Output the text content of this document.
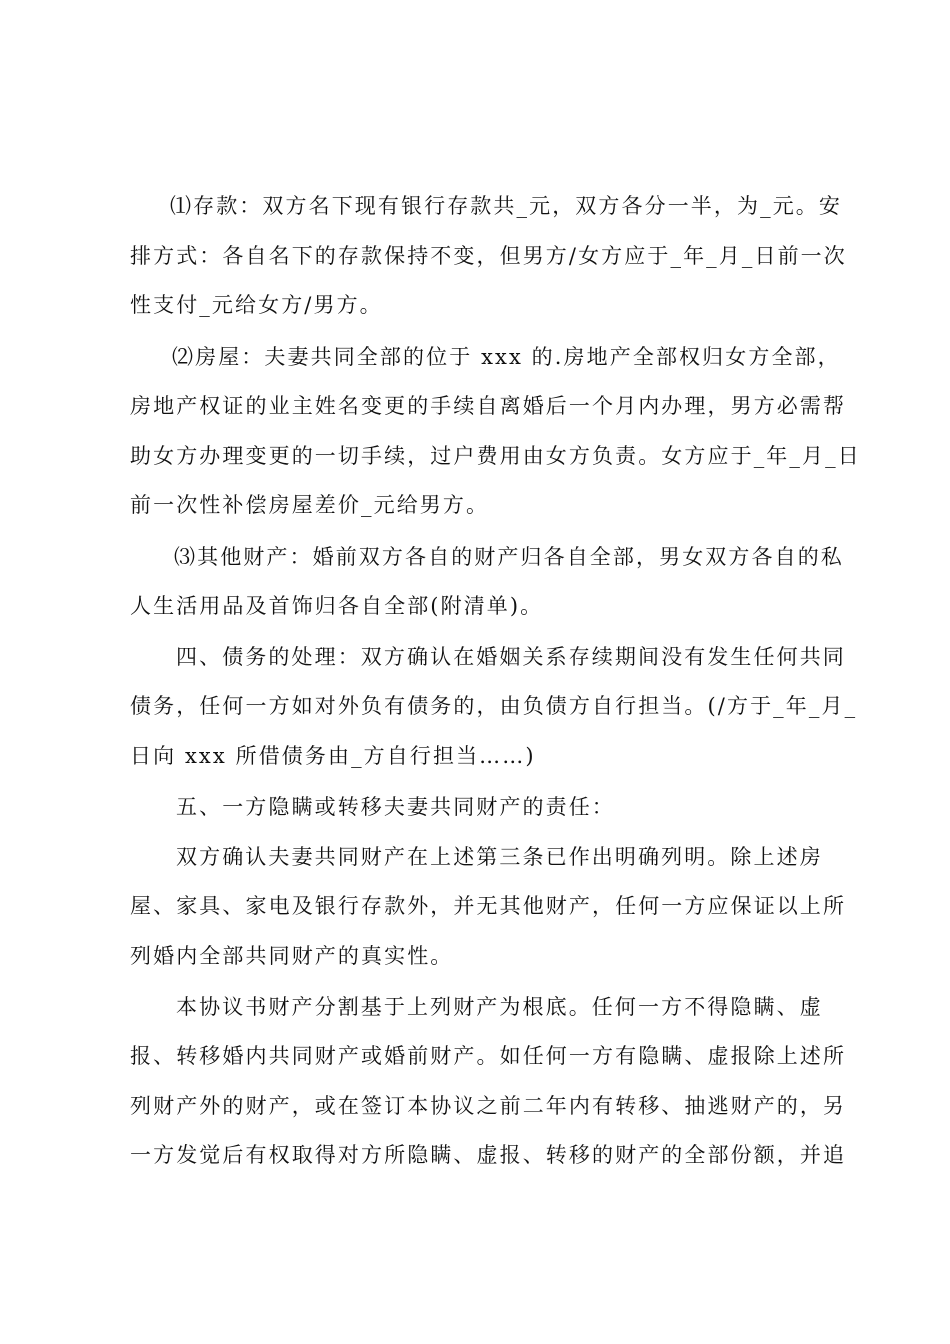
⑴存款：双方名下现有银行存款共_元，双方各分一半，为_元。安
排方式：各自名下的存款保持不变，但男方/女方应于_年_月_日前一次
性支付_元给女方/男方。
⑵房屋：夫妻共同全部的位于 xxx 的.房地产全部权归女方全部，
房地产权证的业主姓名变更的手续自离婚后一个月内办理，男方必需帮
助女方办理变更的一切手续，过户费用由女方负责。女方应于_年_月_日
前一次性补偿房屋差价_元给男方。
⑶其他财产：婚前双方各自的财产归各自全部，男女双方各自的私
人生活用品及首饰归各自全部(附清单)。
四、债务的处理：双方确认在婚姻关系存续期间没有发生任何共同
债务，任何一方如对外负有债务的，由负债方自行担当。(/方于_年_月_
日向 xxx 所借债务由_方自行担当……)
五、一方隐瞒或转移夫妻共同财产的责任：
双方确认夫妻共同财产在上述第三条已作出明确列明。除上述房
屋、家具、家电及银行存款外，并无其他财产，任何一方应保证以上所
列婚内全部共同财产的真实性。
本协议书财产分割基于上列财产为根底。任何一方不得隐瞒、虚
报、转移婚内共同财产或婚前财产。如任何一方有隐瞒、虚报除上述所
列财产外的财产，或在签订本协议之前二年内有转移、抽逃财产的，另
一方发觉后有权取得对方所隐瞒、虚报、转移的财产的全部份额，并追
